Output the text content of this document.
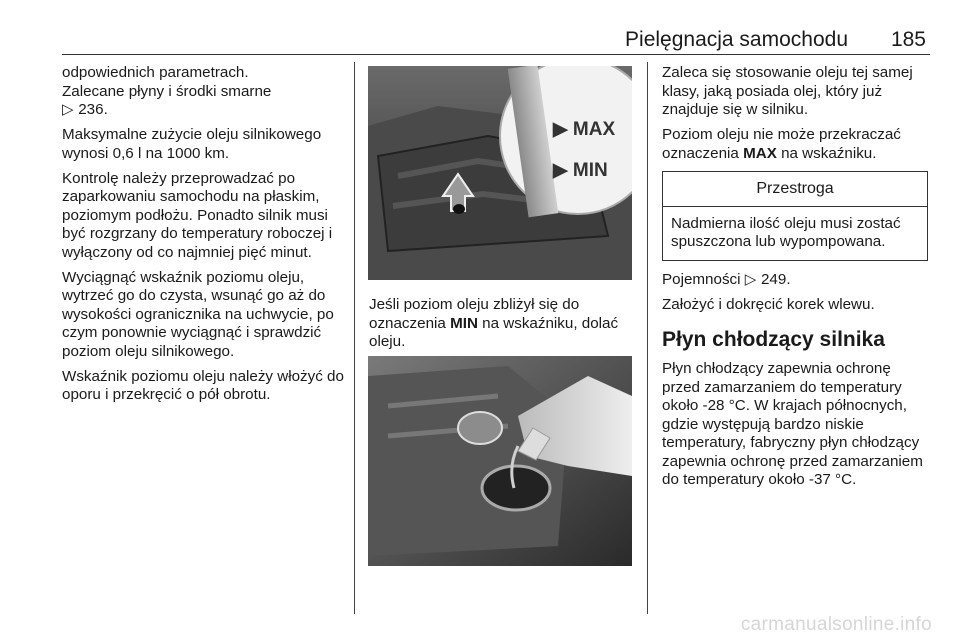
Pielęgnacja samochodu 185

odpowiednich parametrach.

Zalecane płyny i środki smarne
▷ 236.

Maksymalne zużycie oleju silnikowego wynosi 0,6 l na 1000 km.

Kontrolę należy przeprowadzać po zaparkowaniu samochodu na płaskim, poziomym podłożu. Ponadto silnik musi być rozgrzany do temperatury roboczej i wyłączony od co najmniej pięć minut.

Wyciągnąć wskaźnik poziomu oleju, wytrzeć go do czysta, wsunąć go aż do wysokości ogranicznika na uchwycie, po czym ponownie wyciągnąć i sprawdzić poziom oleju silnikowego.

Wskaźnik poziomu oleju należy włożyć do oporu i przekręcić o pół obrotu.

▶ MAX
▶ MIN
Jeśli poziom oleju zbliżył się do oznaczenia MIN na wskaźniku, dolać oleju.

Zaleca się stosowanie oleju tej samej klasy, jaką posiada olej, który już znajduje się w silniku.

Poziom oleju nie może przekraczać oznaczenia MAX na wskaźniku.

Przestroga
Nadmierna ilość oleju musi zostać spuszczona lub wypompowana.

Pojemności ▷ 249.

Założyć i dokręcić korek wlewu.

Płyn chłodzący silnika

Płyn chłodzący zapewnia ochronę przed zamarzaniem do temperatury około -28 °C. W krajach północnych, gdzie występują bardzo niskie temperatury, fabryczny płyn chłodzący zapewnia ochronę przed zamarzaniem do temperatury około -37 °C.

carmanualsonline.info
